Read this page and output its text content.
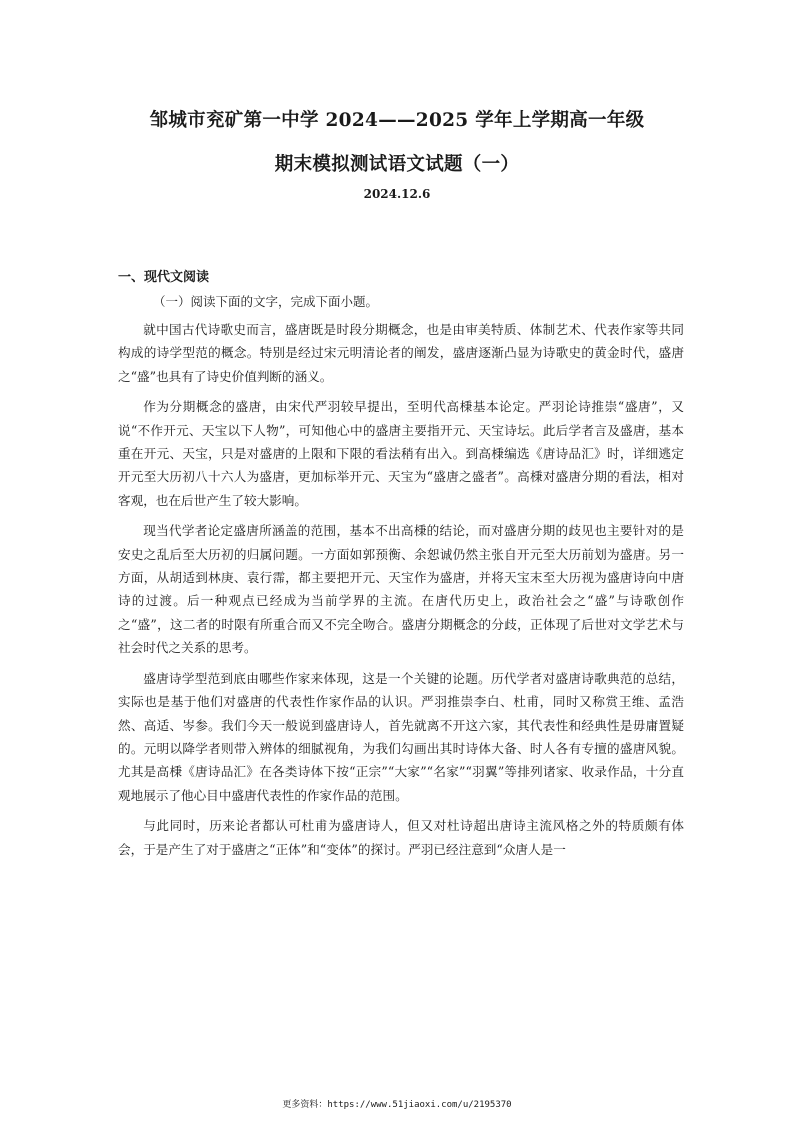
邹城市兖矿第一中学 2024——2025 学年上学期高一年级
期末模拟测试语文试题（一）
2024.12.6
一、现代文阅读
（一）阅读下面的文字，完成下面小题。

就中国古代诗歌史而言，盛唐既是时段分期概念，也是由审美特质、体制艺术、代表作家等共同构成的诗学型范的概念。特别是经过宋元明清论者的阐发，盛唐逐渐凸显为诗歌史的黄金时代，盛唐之“盛”也具有了诗史价值判断的涵义。

作为分期概念的盛唐，由宋代严羽较早提出，至明代高棅基本论定。严羽论诗推崇“盛唐”，又说“不作开元、天宝以下人物”，可知他心中的盛唐主要指开元、天宝诗坛。此后学者言及盛唐，基本重在开元、天宝，只是对盛唐的上限和下限的看法稍有出入。到高棅编选《唐诗品汇》时，详细逃定开元至大历初八十六人为盛唐，更加标举开元、天宝为“盛唐之盛者”。高棅对盛唐分期的看法，相对客观，也在后世产生了较大影响。

现当代学者论定盛唐所涵盖的范围，基本不出高棅的结论，而对盛唐分期的歧见也主要针对的是安史之乱后至大历初的归属问题。一方面如郭预衡、余恕诚仍然主张自开元至大历前划为盛唐。另一方面，从胡适到林庚、袁行霈，都主要把开元、天宝作为盛唐，并将天宝末至大历视为盛唐诗向中唐诗的过渡。后一种观点已经成为当前学界的主流。在唐代历史上，政治社会之“盛”与诗歌创作之“盛”，这二者的时限有所重合而又不完全吻合。盛唐分期概念的分歧，正体现了后世对文学艺术与社会时代之关系的思考。

盛唐诗学型范到底由哪些作家来体现，这是一个关键的论题。历代学者对盛唐诗歌典范的总结，实际也是基于他们对盛唐的代表性作家作品的认识。严羽推崇李白、杜甫，同时又称赏王维、孟浩然、高适、岑参。我们今天一般说到盛唐诗人，首先就离不开这六家，其代表性和经典性是毋庸置疑的。元明以降学者则带入辨体的细腻视角，为我们勾画出其时诗体大备、时人各有专擅的盛唐风貌。尤其是高棅《唐诗品汇》在各类诗体下按“正宗”“大家”“名家”“羽翼”等排列诸家、收录作品，十分直观地展示了他心目中盛唐代表性的作家作品的范围。

与此同时，历来论者都认可杜甫为盛唐诗人，但又对杜诗超出唐诗主流风格之外的特质颇有体会，于是产生了对于盛唐之“正体”和“变体”的探讨。严羽已经注意到“众唐人是一

更多资料：https://www.51jiaoxi.com/u/2195370
